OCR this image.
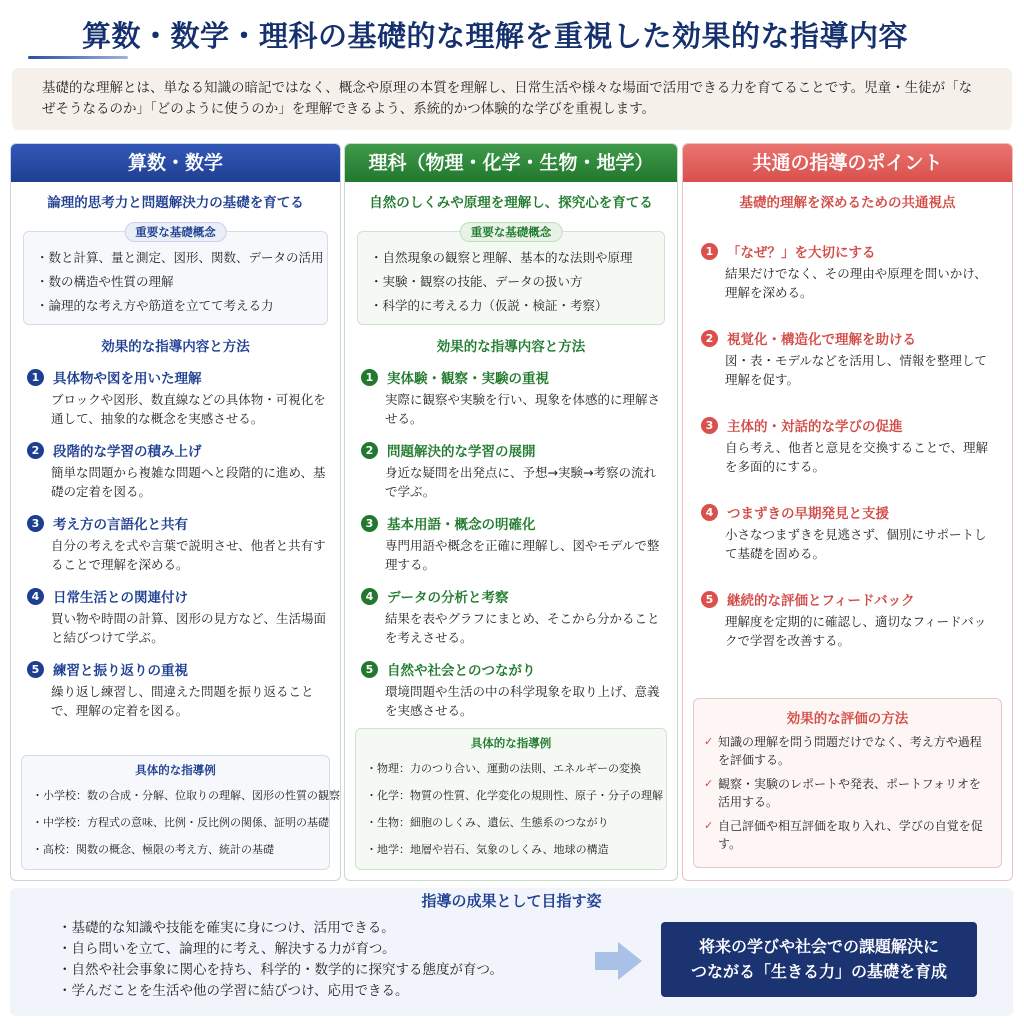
算数・数学・理科の基礎的な理解を重視した効果的な指導内容
基礎的な理解とは、単なる知識の暗記ではなく、概念や原理の本質を理解し、日常生活や様々な場面で活用できる力を育てることです。児童・生徒が「なぜそうなるのか」「どのように使うのか」を理解できるよう、系統的かつ体験的な学びを重視します。
算数・数学
論理的思考力と問題解決力の基礎を育てる
重要な基礎概念
・ 数と計算、量と測定、図形、関数、データの活用
・ 数の構造や性質の理解
・ 論理的な考え方や筋道を立てて考える力
効果的な指導内容と方法
1	具体物や図を用いた理解
ブロックや図形、数直線などの具体物・可視化を通して、抽象的な概念を実感させる。
2	段階的な学習の積み上げ
簡単な問題から複雑な問題へと段階的に進め、基礎の定着を図る。
3	考え方の言語化と共有
自分の考えを式や言葉で説明させ、他者と共有することで理解を深める。
4	日常生活との関連付け
買い物や時間の計算、図形の見方など、生活場面と結びつけて学ぶ。
5	練習と振り返りの重視
繰り返し練習し、間違えた問題を振り返ることで、理解の定着を図る。
具体的な指導例
・ 小学校：数の合成・分解、位取りの理解、図形の性質の観察
・ 中学校：方程式の意味、比例・反比例の関係、証明の基礎
・ 高校：関数の概念、極限の考え方、統計の基礎
理科（物理・化学・生物・地学）
自然のしくみや原理を理解し、探究心を育てる
重要な基礎概念
・ 自然現象の観察と理解、基本的な法則や原理
・ 実験・観察の技能、データの扱い方
・ 科学的に考える力（仮説・検証・考察）
効果的な指導内容と方法
1	実体験・観察・実験の重視
実際に観察や実験を行い、現象を体感的に理解させる。
2	問題解決的な学習の展開
身近な疑問を出発点に、予想→実験→考察の流れで学ぶ。
3	基本用語・概念の明確化
専門用語や概念を正確に理解し、図やモデルで整理する。
4	データの分析と考察
結果を表やグラフにまとめ、そこから分かることを考えさせる。
5	自然や社会とのつながり
環境問題や生活の中の科学現象を取り上げ、意義を実感させる。
具体的な指導例
・ 物理：力のつり合い、運動の法則、エネルギーの変換
・ 化学：物質の性質、化学変化の規則性、原子・分子の理解
・ 生物：細胞のしくみ、遺伝、生態系のつながり
・ 地学：地層や岩石、気象のしくみ、地球の構造
共通の指導のポイント
基礎的理解を深めるための共通視点
1	「なぜ？」を大切にする
結果だけでなく、その理由や原理を問いかけ、理解を深める。
2	視覚化・構造化で理解を助ける
図・表・モデルなどを活用し、情報を整理して理解を促す。
3	主体的・対話的な学びの促進
自ら考え、他者と意見を交換することで、理解を多面的にする。
4	つまずきの早期発見と支援
小さなつまずきを見逃さず、個別にサポートして基礎を固める。
5	継続的な評価とフィードバック
理解度を定期的に確認し、適切なフィードバックで学習を改善する。
効果的な評価の方法
✓ 知識の理解を問う問題だけでなく、考え方や過程を評価する。
✓ 観察・実験のレポートや発表、ポートフォリオを活用する。
✓ 自己評価や相互評価を取り入れ、学びの自覚を促す。
指導の成果として目指す姿
・ 基礎的な知識や技能を確実に身につけ、活用できる。
・ 自ら問いを立て、論理的に考え、解決する力が育つ。
・ 自然や社会事象に関心を持ち、科学的・数学的に探究する態度が育つ。
・ 学んだことを生活や他の学習に結びつけ、応用できる。
将来の学びや社会での課題解決に
つながる「生きる力」の基礎を育成
